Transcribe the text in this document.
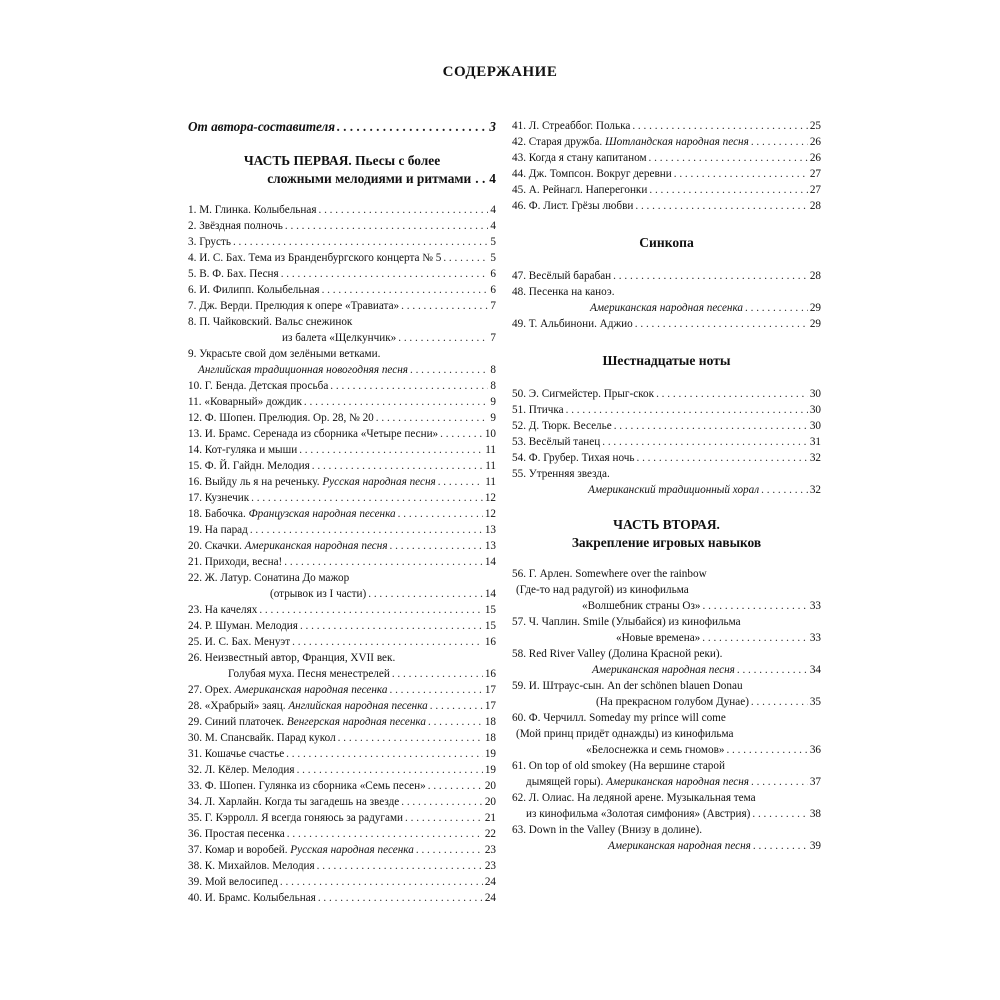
СОДЕРЖАНИЕ
От автора-составителя . . .	3
ЧАСТЬ ПЕРВАЯ. Пьесы с более
сложными мелодиями и ритмами . . 4
1. М. Глинка. Колыбельная . . .	4
2. Звёздная полночь . . .	4
3. Грусть . . .	5
4. И. С. Бах. Тема из Бранденбургского концерта № 5 . . .	5
5. В. Ф. Бах. Песня . . .	6
6. И. Филипп. Колыбельная . . .	6
7. Дж. Верди. Прелюдия к опере «Травиата» . . .	7
8. П. Чайковский. Вальс снежинок
из балета «Щелкунчик» . . .	7
9. Украсьте свой дом зелёными ветками.
Английская традиционная новогодняя песня . . .	8
10. Г. Бенда. Детская просьба . . .	8
11. «Коварный» дождик . . .	9
12. Ф. Шопен. Прелюдия. Ор. 28, № 20 . . .	9
13. И. Брамс. Серенада из сборника «Четыре песни» . . .	10
14. Кот-гуляка и мыши . . .	11
15. Ф. Й. Гайдн. Мелодия . . .	11
16. Выйду ль я на реченьку. Русская народная песня . . .	11
17. Кузнечик . . .	12
18. Бабочка. Французская народная песенка . . .	12
19. На парад . . .	13
20. Скачки. Американская народная песня . . .	13
21. Приходи, весна! . . .	14
22. Ж. Латур. Сонатина До мажор
(отрывок из I части) . . .	14
23. На качелях . . .	15
24. Р. Шуман. Мелодия . . .	15
25. И. С. Бах. Менуэт . . .	16
26. Неизвестный автор, Франция, XVII век.
Голубая муха. Песня менестрелей . . .	16
27. Орех. Американская народная песенка . . .	17
28. «Храбрый» заяц. Английская народная песенка . . .	17
29. Синий платочек. Венгерская народная песенка . . .	18
30. М. Спансвайк. Парад кукол . . .	18
31. Кошачье счастье . . .	19
32. Л. Кёлер. Мелодия . . .	19
33. Ф. Шопен. Гулянка из сборника «Семь песен» . . .	20
34. Л. Харлайн. Когда ты загадешь на звезде . . .	20
35. Г. Кэрролл. Я всегда гоняюсь за радугами . . .	21
36. Простая песенка . . .	22
37. Комар и воробей. Русская народная песенка . . .	23
38. К. Михайлов. Мелодия . . .	23
39. Мой велосипед . . .	24
40. И. Брамс. Колыбельная . . .	24
41. Л. Стреаббог. Полька . . .	25
42. Старая дружба. Шотландская народная песня . . .	26
43. Когда я стану капитаном . . .	26
44. Дж. Томпсон. Вокруг деревни . . .	27
45. А. Рейнагл. Наперегонки . . .	27
46. Ф. Лист. Грёзы любви . . .	28
Синкопа
47. Весёлый барабан . . .	28
48. Песенка на каноэ.
Американская народная песенка . . .	29
49. Т. Альбинони. Аджио . . .	29
Шестнадцатые ноты
50. Э. Сигмейстер. Прыг-скок . . .	30
51. Птичка . . .	30
52. Д. Тюрк. Веселье . . .	30
53. Весёлый танец . . .	31
54. Ф. Грубер. Тихая ночь . . .	32
55. Утренняя звезда.
Американский традиционный хорал . . .	32
ЧАСТЬ ВТОРАЯ.
Закрепление игровых навыков
56. Г. Арлен. Somewhere over the rainbow
(Где-то над радугой) из кинофильма
«Волшебник страны Оз» . . .	33
57. Ч. Чаплин. Smile (Улыбайся) из кинофильма
«Новые времена» . . .	33
58. Red River Valley (Долина Красной реки).
Американская народная песня . . .	34
59. И. Штраус-сын. An der schönen blauen Donau
(На прекрасном голубом Дунае) . . .	35
60. Ф. Черчилл. Someday my prince will come
(Мой принц придёт однажды) из кинофильма
«Белоснежка и семь гномов» . . .	36
61. On top of old smokey (На вершине старой
дымящей горы). Американская народная песня . . .	37
62. Л. Олиас. На ледяной арене. Музыкальная тема
из кинофильма «Золотая симфония» (Австрия) . . .	38
63. Down in the Valley (Внизу в долине).
Американская народная песня . . .	39
